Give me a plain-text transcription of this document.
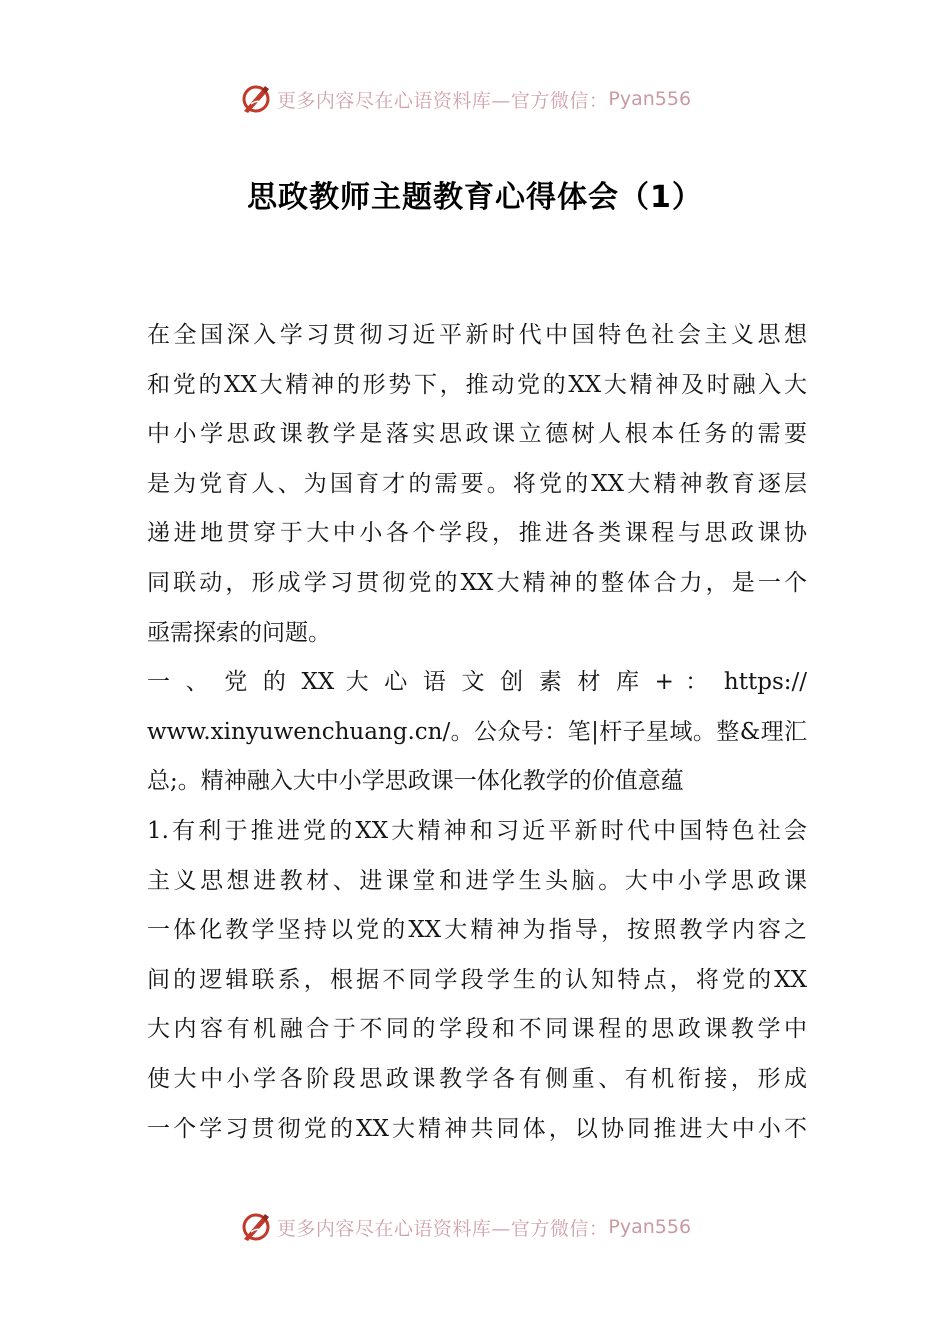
更多内容尽在心语资料库—官方微信： Pyan556
思政教师主题教育心得体会（1）
在全国深入学习贯彻习近平新时代中国特色社会主义思想
和党的XX大精神的形势下，推动党的XX大精神及时融入大
中小学思政课教学是落实思政课立德树人根本任务的需要
是为党育人、为国育才的需要。将党的XX大精神教育逐层
递进地贯穿于大中小各个学段，推进各类课程与思政课协
同联动，形成学习贯彻党的XX大精神的整体合力，是一个
亟需探索的问题。
一 、 党 的 XX 大 心 语 文 创 素 材 库 + ： https://
www.xinyuwenchuang.cn/。公众号：笔|杆子星域。整&理汇
总;。精神融入大中小学思政课一体化教学的价值意蕴
1.有利于推进党的XX大精神和习近平新时代中国特色社会
主义思想进教材、进课堂和进学生头脑。大中小学思政课
一体化教学坚持以党的XX大精神为指导，按照教学内容之
间的逻辑联系，根据不同学段学生的认知特点，将党的XX
大内容有机融合于不同的学段和不同课程的思政课教学中
使大中小学各阶段思政课教学各有侧重、有机衔接，形成
一个学习贯彻党的XX大精神共同体，以协同推进大中小不
更多内容尽在心语资料库—官方微信： Pyan556
